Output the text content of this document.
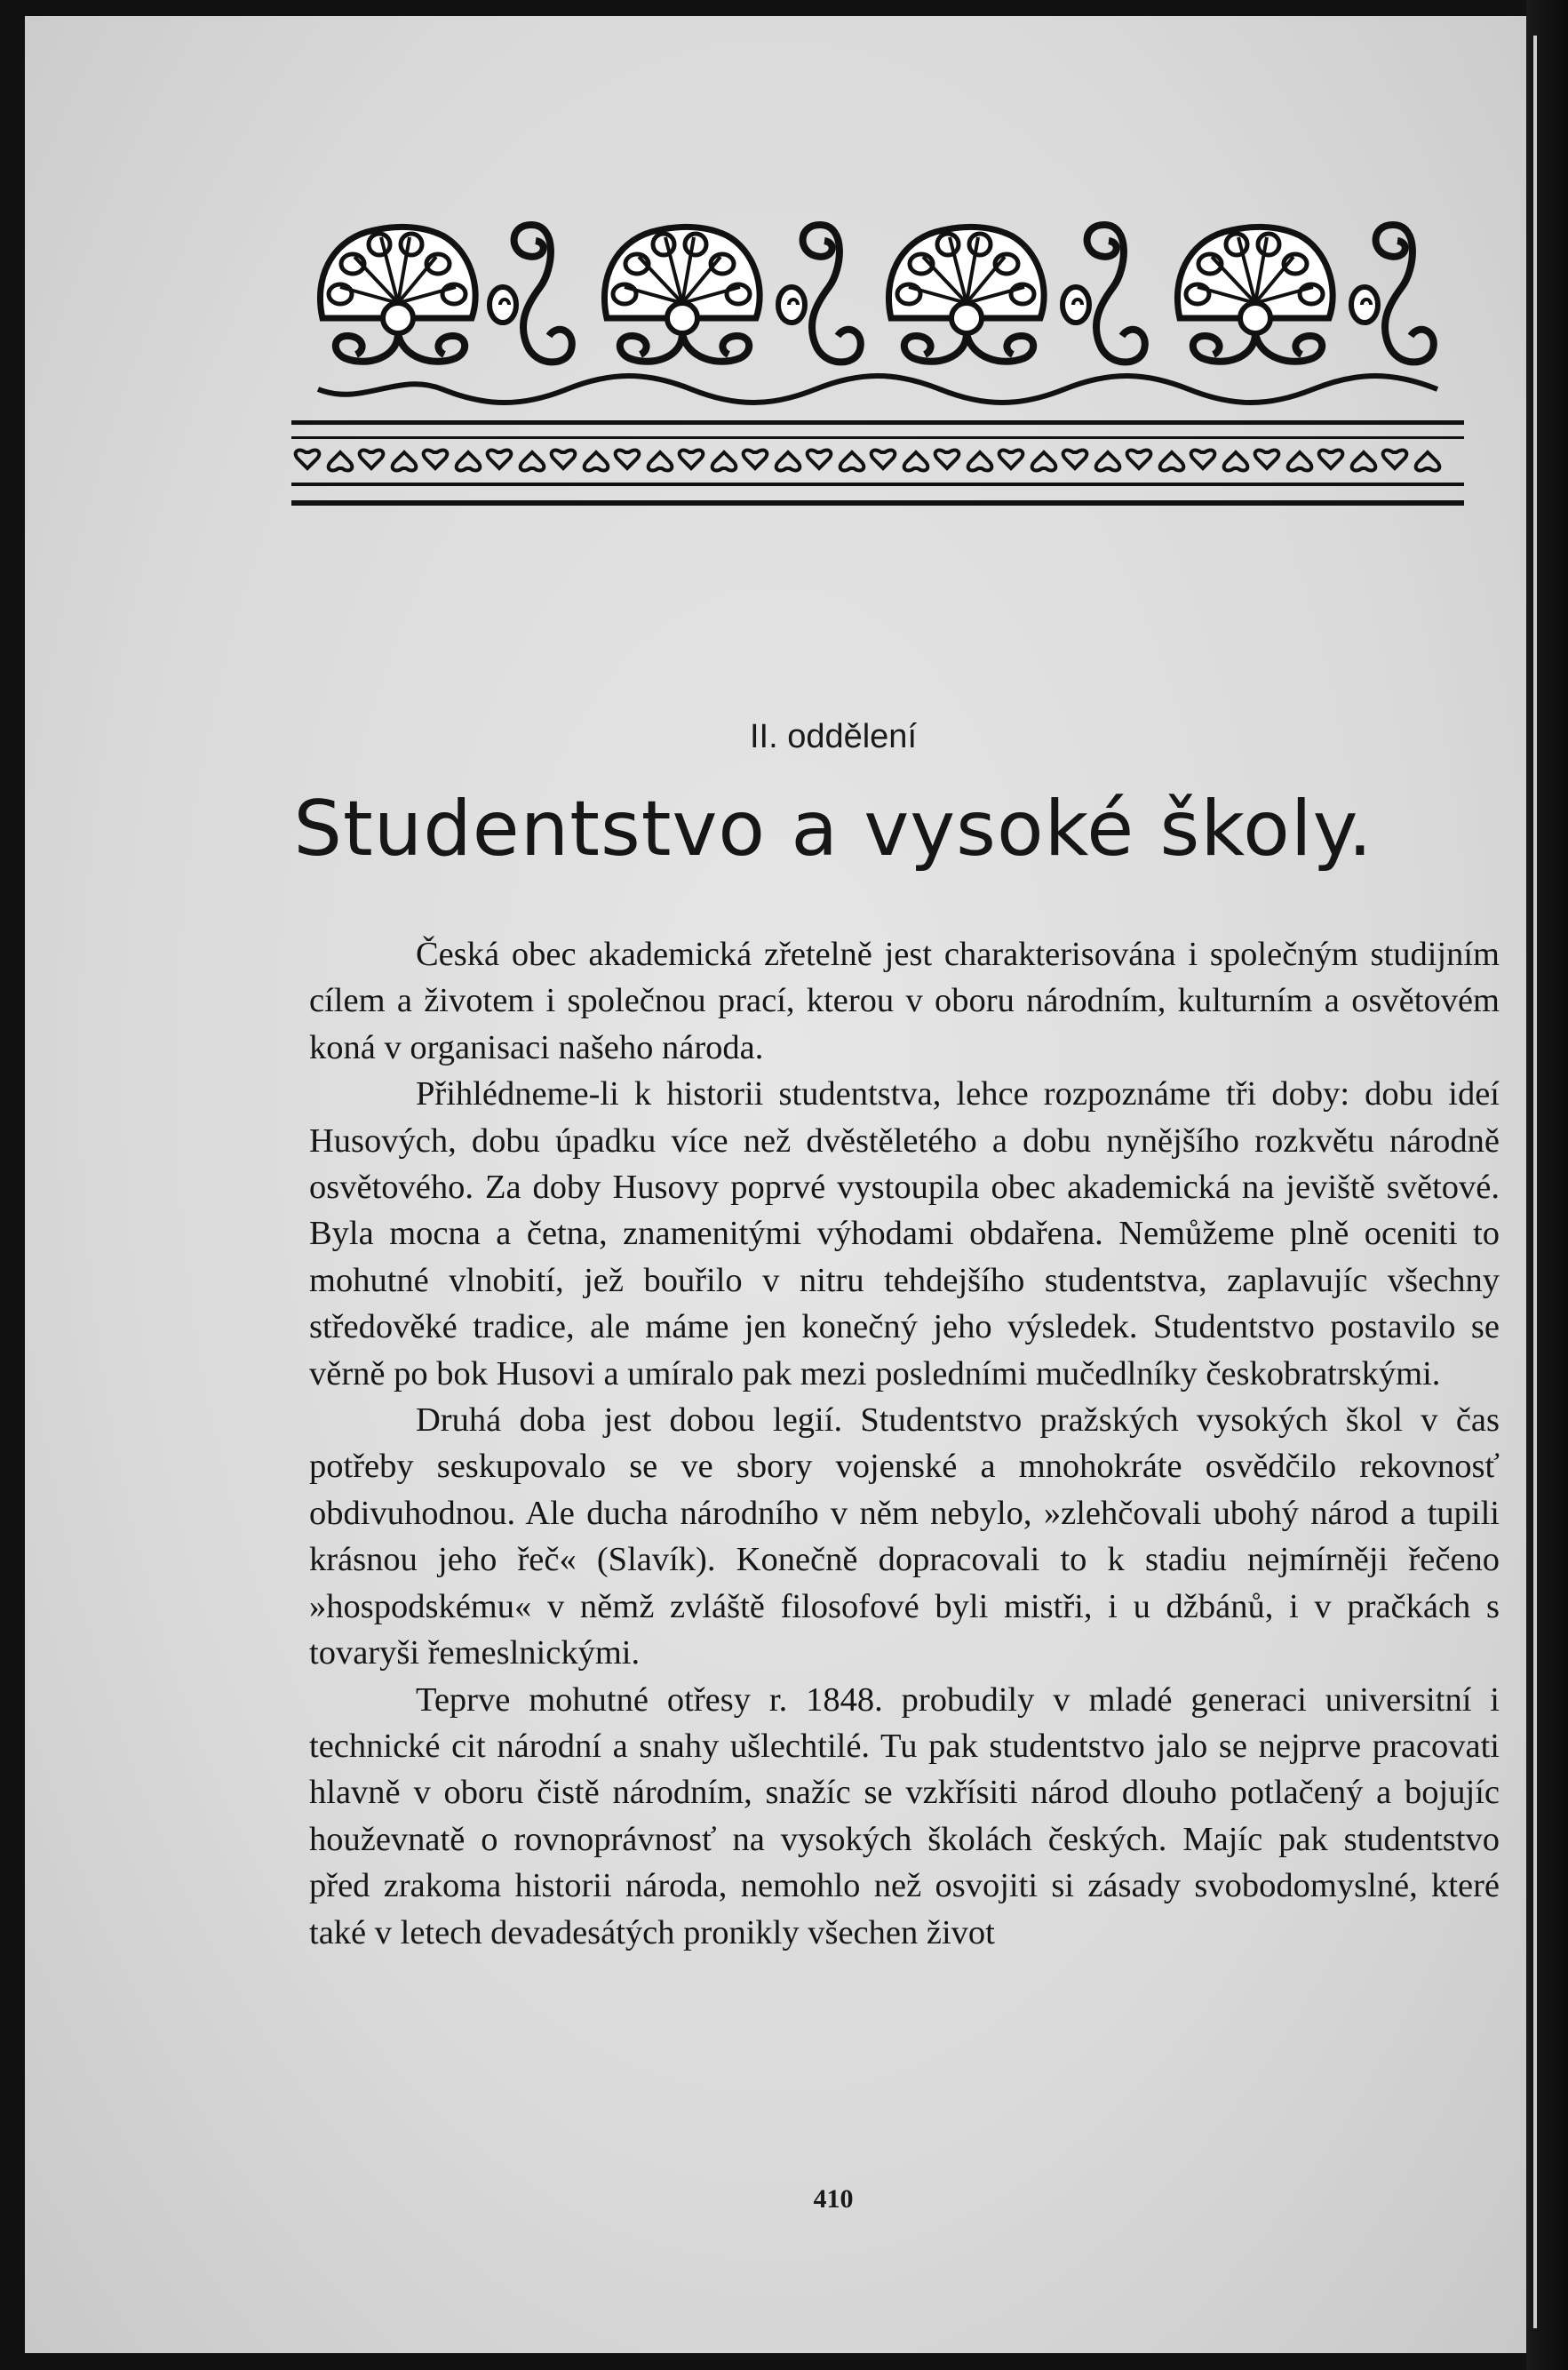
II. oddělení
Studentstvo a vysoké školy.

Česká obec akademická zřetelně jest charakterisována i společným studijním cílem a životem i společnou prací, kterou v oboru národním, kulturním a osvětovém koná v organisaci našeho národa.

Přihlédneme-li k historii studentstva, lehce rozpoznáme tři doby: dobu ideí Husových, dobu úpadku více než dvěstěletého a dobu nynějšího rozkvětu národně osvětového. Za doby Husovy poprvé vystoupila obec akademická na jeviště světové. Byla mocna a četna, znamenitými výhodami obdařena. Nemůžeme plně oceniti to mohutné vlnobití, jež bouřilo v nitru tehdejšího studentstva, zaplavujíc všechny středověké tradice, ale máme jen konečný jeho výsledek. Studentstvo postavilo se věrně po bok Husovi a umíralo pak mezi posledními mučedlníky českobratrskými.

Druhá doba jest dobou legií. Studentstvo pražských vysokých škol v čas potřeby seskupovalo se ve sbory vojenské a mnohokráte osvědčilo rekovnosť obdivuhodnou. Ale ducha národního v něm nebylo, »zlehčovali ubohý národ a tupili krásnou jeho řeč« (Slavík). Konečně dopracovali to k stadiu nejmírněji řečeno »hospodskému« v němž zvláště filosofové byli mistři, i u džbánů, i v pračkách s tovaryši řemeslnickými.

Teprve mohutné otřesy r. 1848. probudily v mladé generaci universitní i technické cit národní a snahy ušlechtilé. Tu pak studentstvo jalo se nejprve pracovati hlavně v oboru čistě národním, snažíc se vzkřísiti národ dlouho potlačený a bojujíc houževnatě o rovnoprávnosť na vysokých školách českých. Majíc pak studentstvo před zrakoma historii národa, nemohlo než osvojiti si zásady svobodomyslné, které také v letech devadesátých pronikly všechen život

410
